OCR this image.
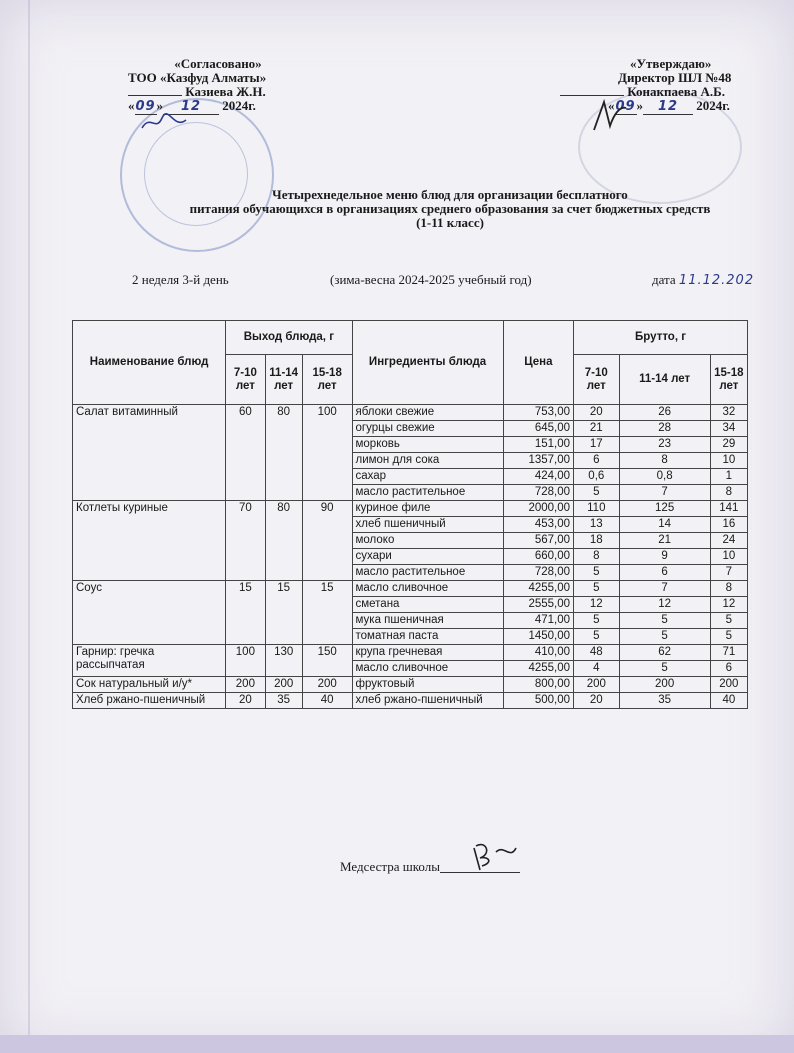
«Согласовано»
ТОО «Казфуд Алматы»
Казиева Ж.Н.
«09» 12 2024г.
«Утверждаю»
Директор ШЛ №48
Конакпаева А.Б.
«09» 12 2024г.
Четырехнедельное меню блюд для организации бесплатного
питания обучающихся в организациях среднего образования за счет бюджетных средств
(1-11 класс)
2 неделя 3-й день	(зима-весна 2024-2025 учебный год)	дата 11.12.202
Наименование блюд	Выход блюда, г			Ингредиенты блюда	Цена	Брутто, г		
	7-10 лет	11-14 лет	15-18 лет			7-10 лет	11-14 лет	15-18 лет
Салат витаминный	60	80	100	яблоки свежие	753,00	20	26	32
				огурцы свежие	645,00	21	28	34
				морковь	151,00	17	23	29
				лимон для сока	1357,00	6	8	10
				сахар	424,00	0,6	0,8	1
				масло растительное	728,00	5	7	8
Котлеты куриные	70	80	90	куриное филе	2000,00	110	125	141
				хлеб пшеничный	453,00	13	14	16
				молоко	567,00	18	21	24
				сухари	660,00	8	9	10
				масло растительное	728,00	5	6	7
Соус	15	15	15	масло сливочное	4255,00	5	7	8
				сметана	2555,00	12	12	12
				мука пшеничная	471,00	5	5	5
				томатная паста	1450,00	5	5	5
Гарнир: гречка рассыпчатая	100	130	150	крупа гречневая	410,00	48	62	71
				масло сливочное	4255,00	4	5	6
Сок натуральный и/у*	200	200	200	фруктовый	800,00	200	200	200
Хлеб ржано-пшеничный	20	35	40	хлеб ржано-пшеничный	500,00	20	35	40
Медсестра школы
